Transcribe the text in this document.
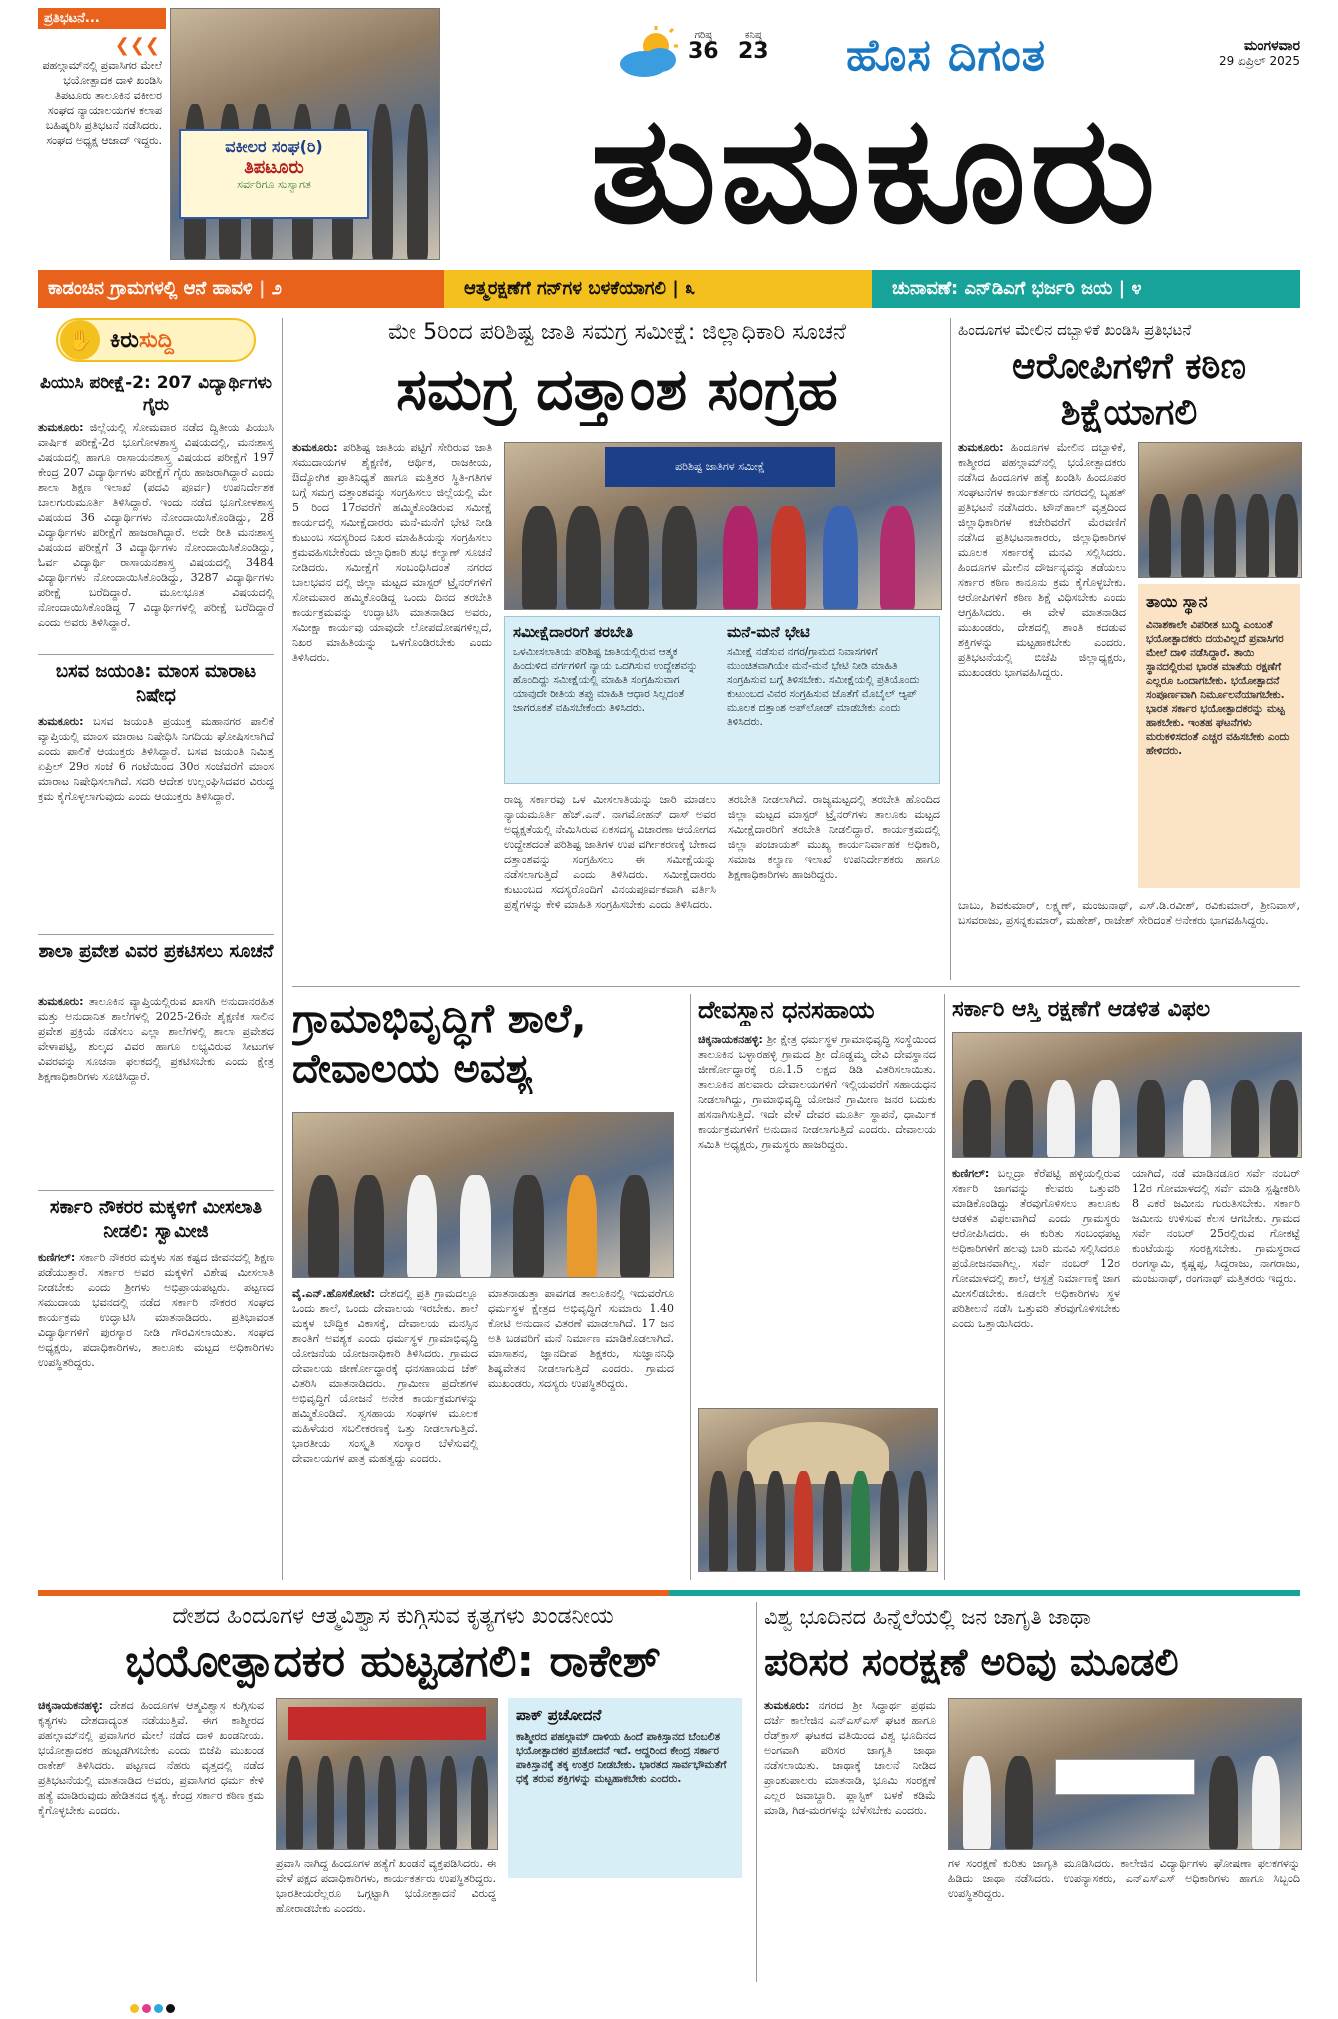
ಪ್ರತಿಭಟನೆ...
❮❮❮
ಪಹಲ್ಗಾಮ್‌ನಲ್ಲಿ ಪ್ರವಾಸಿಗರ ಮೇಲೆ ಭಯೋತ್ಪಾದಕ ದಾಳಿ ಖಂಡಿಸಿ ತಿಪಟೂರು ತಾಲೂಕಿನ ವಕೀಲರ ಸಂಘದ ನ್ಯಾಯಾಲಯಗಳ ಕಲಾಪ ಬಹಿಷ್ಕರಿಸಿ ಪ್ರತಿಭಟನೆ ನಡೆಸಿದರು. ಸಂಘದ ಅಧ್ಯಕ್ಷ ಆಜಾದ್ ಇದ್ದರು.	ವಕೀಲರ ಸಂಘ(ರಿ)
ತಿಪಟೂರು
ಸರ್ವರಿಗೂ ಸುಸ್ವಾಗತ
ಗರಿಷ್ಠ
36
ಕನಿಷ್ಠ
23 ಹೊಸ ದಿಗಂತ	ಮಂಗಳವಾರ
29 ಏಪ್ರಿಲ್ 2025
ತುಮಕೂರು
ಕಾಡಂಚಿನ ಗ್ರಾಮಗಳಲ್ಲಿ ಆನೆ ಹಾವಳಿ | ೨	ಆತ್ಮರಕ್ಷಣೆಗೆ ಗನ್‌ಗಳ ಬಳಕೆಯಾಗಲಿ | ೩	ಚುನಾವಣೆ: ಎನ್‌ಡಿಎಗೆ ಭರ್ಜರಿ ಜಯ | ೪
✋ ಕಿರು ಸುದ್ದಿ
ಪಿಯುಸಿ ಪರೀಕ್ಷೆ-2: 207 ವಿದ್ಯಾರ್ಥಿಗಳು ಗೈರು
ತುಮಕೂರು: ಜಿಲ್ಲೆಯಲ್ಲಿ ಸೋಮವಾರ ನಡೆದ ದ್ವಿತೀಯ ಪಿಯುಸಿ ವಾರ್ಷಿಕ ಪರೀಕ್ಷೆ-2ರ ಭೂಗೋಳಶಾಸ್ತ್ರ ವಿಷಯದಲ್ಲಿ, ಮನಃಶಾಸ್ತ್ರ ವಿಷಯದಲ್ಲಿ ಹಾಗೂ ರಾಸಾಯನಶಾಸ್ತ್ರ ವಿಷಯದ ಪರೀಕ್ಷೆಗೆ 197 ಕೇಂದ್ರ 207 ವಿದ್ಯಾರ್ಥಿಗಳು ಪರೀಕ್ಷೆಗೆ ಗೈರು ಹಾಜರಾಗಿದ್ದಾರೆ ಎಂದು ಶಾಲಾ ಶಿಕ್ಷಣ ಇಲಾಖೆ (ಪದವಿ ಪೂರ್ವ) ಉಪನಿರ್ದೇಶಕ ಬಾಲಗುರುಮೂರ್ತಿ ತಿಳಿಸಿದ್ದಾರೆ. ಇಂದು ನಡೆದ ಭೂಗೋಳಶಾಸ್ತ್ರ ವಿಷಯದ 36 ವಿದ್ಯಾರ್ಥಿಗಳು ನೋಂದಾಯಿಸಿಕೊಂಡಿದ್ದು, 28 ವಿದ್ಯಾರ್ಥಿಗಳು ಪರೀಕ್ಷೆಗೆ ಹಾಜರಾಗಿದ್ದಾರೆ. ಅದೇ ರೀತಿ ಮನಃಶಾಸ್ತ್ರ ವಿಷಯದ ಪರೀಕ್ಷೆಗೆ 3 ವಿದ್ಯಾರ್ಥಿಗಳು ನೋಂದಾಯಿಸಿಕೊಂಡಿದ್ದು, ಓರ್ವ ವಿದ್ಯಾರ್ಥಿ ರಾಸಾಯನಶಾಸ್ತ್ರ ವಿಷಯದಲ್ಲಿ 3484 ವಿದ್ಯಾರ್ಥಿಗಳು ನೋಂದಾಯಿಸಿಕೊಂಡಿದ್ದು, 3287 ವಿದ್ಯಾರ್ಥಿಗಳು ಪರೀಕ್ಷೆ ಬರೆದಿದ್ದಾರೆ. ಮೂಲಭೂತ ವಿಷಯದಲ್ಲಿ ನೋಂದಾಯಿಸಿಕೊಂಡಿದ್ದ 7 ವಿದ್ಯಾರ್ಥಿಗಳಲ್ಲಿ ಪರೀಕ್ಷೆ ಬರೆದಿದ್ದಾರೆ ಎಂದು ಅವರು ತಿಳಿಸಿದ್ದಾರೆ.
ಬಸವ ಜಯಂತಿ: ಮಾಂಸ ಮಾರಾಟ ನಿಷೇಧ
ತುಮಕೂರು: ಬಸವ ಜಯಂತಿ ಪ್ರಯುಕ್ತ ಮಹಾನಗರ ಪಾಲಿಕೆ ವ್ಯಾಪ್ತಿಯಲ್ಲಿ ಮಾಂಸ ಮಾರಾಟ ನಿಷೇಧಿಸಿ ನಿಗದಿಯ ಘೋಷಿಸಲಾಗಿದೆ ಎಂದು ಪಾಲಿಕೆ ಆಯುಕ್ತರು ತಿಳಿಸಿದ್ದಾರೆ. ಬಸವ ಜಯಂತಿ ನಿಮಿತ್ತ ಏಪ್ರಿಲ್ 29ರ ಸಂಜೆ 6 ಗಂಟೆಯಿಂದ 30ರ ಸಂಜೆವರೆಗೆ ಮಾಂಸ ಮಾರಾಟ ನಿಷೇಧಿಸಲಾಗಿದೆ. ಸದರಿ ಆದೇಶ ಉಲ್ಲಂಘಿಸಿದವರ ವಿರುದ್ಧ ಕ್ರಮ ಕೈಗೊಳ್ಳಲಾಗುವುದು ಎಂದು ಆಯುಕ್ತರು ತಿಳಿಸಿದ್ದಾರೆ.
ಶಾಲಾ ಪ್ರವೇಶ ವಿವರ ಪ್ರಕಟಿಸಲು ಸೂಚನೆ
ತುಮಕೂರು: ತಾಲೂಕಿನ ವ್ಯಾಪ್ತಿಯಲ್ಲಿರುವ ಖಾಸಗಿ ಅನುದಾನರಹಿತ ಮತ್ತು ಅನುದಾನಿತ ಶಾಲೆಗಳಲ್ಲಿ 2025-26ನೇ ಶೈಕ್ಷಣಿಕ ಸಾಲಿನ ಪ್ರವೇಶ ಪ್ರಕ್ರಿಯೆ ನಡೆಸಲು ಎಲ್ಲಾ ಶಾಲೆಗಳಲ್ಲಿ ಶಾಲಾ ಪ್ರವೇಶದ ವೇಳಾಪಟ್ಟಿ, ಶುಲ್ಕದ ವಿವರ ಹಾಗೂ ಲಭ್ಯವಿರುವ ಸೀಟುಗಳ ವಿವರವನ್ನು ಸೂಚನಾ ಫಲಕದಲ್ಲಿ ಪ್ರಕಟಿಸಬೇಕು ಎಂದು ಕ್ಷೇತ್ರ ಶಿಕ್ಷಣಾಧಿಕಾರಿಗಳು ಸೂಚಿಸಿದ್ದಾರೆ.
ಸರ್ಕಾರಿ ನೌಕರರ ಮಕ್ಕಳಿಗೆ ಮೀಸಲಾತಿ ನೀಡಲಿ: ಸ್ವಾಮೀಜಿ
ಕುಣಿಗಲ್: ಸರ್ಕಾರಿ ನೌಕರರ ಮಕ್ಕಳು ಸಹ ಕಷ್ಟದ ಜೀವನದಲ್ಲಿ ಶಿಕ್ಷಣ ಪಡೆಯುತ್ತಾರೆ. ಸರ್ಕಾರ ಅವರ ಮಕ್ಕಳಿಗೆ ವಿಶೇಷ ಮೀಸಲಾತಿ ನೀಡಬೇಕು ಎಂದು ಶ್ರೀಗಳು ಅಭಿಪ್ರಾಯಪಟ್ಟರು. ಪಟ್ಟಣದ ಸಮುದಾಯ ಭವನದಲ್ಲಿ ನಡೆದ ಸರ್ಕಾರಿ ನೌಕರರ ಸಂಘದ ಕಾರ್ಯಕ್ರಮ ಉದ್ಘಾಟಿಸಿ ಮಾತನಾಡಿದರು. ಪ್ರತಿಭಾವಂತ ವಿದ್ಯಾರ್ಥಿಗಳಿಗೆ ಪುರಸ್ಕಾರ ನೀಡಿ ಗೌರವಿಸಲಾಯಿತು. ಸಂಘದ ಅಧ್ಯಕ್ಷರು, ಪದಾಧಿಕಾರಿಗಳು, ತಾಲೂಕು ಮಟ್ಟದ ಅಧಿಕಾರಿಗಳು ಉಪಸ್ಥಿತರಿದ್ದರು.
ಮೇ 5ರಿಂದ ಪರಿಶಿಷ್ಟ ಜಾತಿ ಸಮಗ್ರ ಸಮೀಕ್ಷೆ: ಜಿಲ್ಲಾಧಿಕಾರಿ ಸೂಚನೆ
ಸಮಗ್ರ ದತ್ತಾಂಶ ಸಂಗ್ರಹ
ತುಮಕೂರು: ಪರಿಶಿಷ್ಟ ಜಾತಿಯ ಪಟ್ಟಿಗೆ ಸೇರಿರುವ ಜಾತಿ ಸಮುದಾಯಗಳ ಶೈಕ್ಷಣಿಕ, ಆರ್ಥಿಕ, ರಾಜಕೀಯ, ಔದ್ಯೋಗಿಕ ಪ್ರಾತಿನಿಧ್ಯತೆ ಹಾಗೂ ಮತ್ತಿತರ ಸ್ಥಿತಿ-ಗತಿಗಳ ಬಗ್ಗೆ ಸಮಗ್ರ ದತ್ತಾಂಶವನ್ನು ಸಂಗ್ರಹಿಸಲು ಜಿಲ್ಲೆಯಲ್ಲಿ ಮೇ 5 ರಿಂದ 17ರವರೆಗೆ ಹಮ್ಮಿಕೊಂಡಿರುವ ಸಮೀಕ್ಷೆ ಕಾರ್ಯದಲ್ಲಿ ಸಮೀಕ್ಷೆದಾರರು ಮನೆ-ಮನೆಗೆ ಭೇಟಿ ನೀಡಿ ಕುಟುಂಬ ಸದಸ್ಯರಿಂದ ನಿಖರ ಮಾಹಿತಿಯನ್ನು ಸಂಗ್ರಹಿಸಲು ಕ್ರಮವಹಿಸಬೇಕೆಂದು ಜಿಲ್ಲಾಧಿಕಾರಿ ಶುಭ ಕಲ್ಯಾಣ್ ಸೂಚನೆ ನೀಡಿದರು. ಸಮೀಕ್ಷೆಗೆ ಸಂಬಂಧಿಸಿದಂತೆ ನಗರದ ಬಾಲಭವನ ದಲ್ಲಿ ಜಿಲ್ಲಾ ಮಟ್ಟದ ಮಾಸ್ಟರ್ ಟ್ರೈನರ್‌ಗಳಿಗೆ ಸೋಮವಾರ ಹಮ್ಮಿಕೊಂಡಿದ್ದ ಒಂದು ದಿನದ ತರಬೇತಿ ಕಾರ್ಯಕ್ರಮವನ್ನು ಉದ್ಘಾಟಿಸಿ ಮಾತನಾಡಿದ ಅವರು, ಸಮೀಕ್ಷಾ ಕಾರ್ಯವು ಯಾವುದೇ ಲೋಪದೋಷಗಳಿಲ್ಲದೆ, ನಿಖರ ಮಾಹಿತಿಯನ್ನು ಒಳಗೊಂಡಿರಬೇಕು ಎಂದು ತಿಳಿಸಿದರು.
ಪರಿಶಿಷ್ಟ ಜಾತಿಗಳ ಸಮೀಕ್ಷೆ
ಸಮೀಕ್ಷೆದಾರರಿಗೆ ತರಬೇತಿ
ಒಳಮೀಸಲಾತಿಯ ಪರಿಶಿಷ್ಟ ಜಾತಿಯಲ್ಲಿರುವ ಆತ್ಮಕ ಹಿಂದುಳಿದ ವರ್ಗಗಳಿಗೆ ನ್ಯಾಯ ಒದಗಿಸುವ ಉದ್ದೇಶವನ್ನು ಹೊಂದಿದ್ದು ಸಮೀಕ್ಷೆಯಲ್ಲಿ ಮಾಹಿತಿ ಸಂಗ್ರಹಿಸುವಾಗ ಯಾವುದೇ ರೀತಿಯ ತಪ್ಪು ಮಾಹಿತಿ ಆಧಾರ ಸಿಲ್ಲದಂತೆ ಜಾಗರೂಕತೆ ವಹಿಸಬೇಕೆಂದು ತಿಳಿಸಿದರು.
ಮನೆ-ಮನೆ ಭೇಟಿ
ಸಮೀಕ್ಷೆ ನಡೆಸುವ ನಗರ/ಗ್ರಾಮದ ನಿವಾಸಗಳಿಗೆ ಮುಂಚಿತವಾಗಿಯೇ ಮನೆ-ಮನೆ ಭೇಟಿ ನೀಡಿ ಮಾಹಿತಿ ಸಂಗ್ರಹಿಸುವ ಬಗ್ಗೆ ತಿಳಿಸಬೇಕು. ಸಮೀಕ್ಷೆಯಲ್ಲಿ ಪ್ರತಿಯೊಂದು ಕುಟುಂಬದ ವಿವರ ಸಂಗ್ರಹಿಸುವ ಜೊತೆಗೆ ಮೊಬೈಲ್ ಆ್ಯಪ್ ಮೂಲಕ ದತ್ತಾಂಶ ಅಪ್‌ಲೋಡ್ ಮಾಡಬೇಕು ಎಂದು ತಿಳಿಸಿದರು.
ರಾಜ್ಯ ಸರ್ಕಾರವು ಒಳ ಮೀಸಲಾತಿಯನ್ನು ಜಾರಿ ಮಾಡಲು ನ್ಯಾಯಮೂರ್ತಿ ಹೆಚ್.ಎನ್. ನಾಗಮೋಹನ್ ದಾಸ್ ಅವರ ಅಧ್ಯಕ್ಷತೆಯಲ್ಲಿ ನೇಮಿಸಿರುವ ಏಕಸದಸ್ಯ ವಿಚಾರಣಾ ಆಯೋಗದ ಉದ್ದೇಶದಂತೆ ಪರಿಶಿಷ್ಟ ಜಾತಿಗಳ ಉಪ ವರ್ಗೀಕರಣಕ್ಕೆ ಬೇಕಾದ ದತ್ತಾಂಶವನ್ನು ಸಂಗ್ರಹಿಸಲು ಈ ಸಮೀಕ್ಷೆಯನ್ನು ನಡೆಸಲಾಗುತ್ತಿದೆ ಎಂದು ತಿಳಿಸಿದರು. ಸಮೀಕ್ಷೆದಾರರು ಕುಟುಂಬದ ಸದಸ್ಯರೊಂದಿಗೆ ವಿನಯಪೂರ್ವಕವಾಗಿ ವರ್ತಿಸಿ ಪ್ರಶ್ನೆಗಳನ್ನು ಕೇಳಿ ಮಾಹಿತಿ ಸಂಗ್ರಹಿಸಬೇಕು ಎಂದು ತಿಳಿಸಿದರು.
ತರಬೇತಿ ನೀಡಲಾಗಿದೆ. ರಾಜ್ಯಮಟ್ಟದಲ್ಲಿ ತರಬೇತಿ ಹೊಂದಿದ ಜಿಲ್ಲಾ ಮಟ್ಟದ ಮಾಸ್ಟರ್ ಟ್ರೈನರ್‌ಗಳು ತಾಲೂಕು ಮಟ್ಟದ ಸಮೀಕ್ಷೆದಾರರಿಗೆ ತರಬೇತಿ ನೀಡಲಿದ್ದಾರೆ. ಕಾರ್ಯಕ್ರಮದಲ್ಲಿ ಜಿಲ್ಲಾ ಪಂಚಾಯತ್ ಮುಖ್ಯ ಕಾರ್ಯನಿರ್ವಾಹಕ ಅಧಿಕಾರಿ, ಸಮಾಜ ಕಲ್ಯಾಣ ಇಲಾಖೆ ಉಪನಿರ್ದೇಶಕರು ಹಾಗೂ ಶಿಕ್ಷಣಾಧಿಕಾರಿಗಳು ಹಾಜರಿದ್ದರು.
ಹಿಂದೂಗಳ ಮೇಲಿನ ದಬ್ಬಾಳಿಕೆ ಖಂಡಿಸಿ ಪ್ರತಿಭಟನೆ
ಆರೋಪಿಗಳಿಗೆ ಕಠಿಣ ಶಿಕ್ಷೆಯಾಗಲಿ
ತುಮಕೂರು: ಹಿಂದೂಗಳ ಮೇಲಿನ ದಬ್ಬಾಳಿಕೆ, ಕಾಶ್ಮೀರದ ಪಹಲ್ಗಾಮ್‌ನಲ್ಲಿ ಭಯೋತ್ಪಾದಕರು ನಡೆಸಿದ ಹಿಂದೂಗಳ ಹತ್ಯೆ ಖಂಡಿಸಿ ಹಿಂದೂಪರ ಸಂಘಟನೆಗಳ ಕಾರ್ಯಕರ್ತರು ನಗರದಲ್ಲಿ ಬೃಹತ್ ಪ್ರತಿಭಟನೆ ನಡೆಸಿದರು. ಟೌನ್‌ಹಾಲ್ ವೃತ್ತದಿಂದ ಜಿಲ್ಲಾಧಿಕಾರಿಗಳ ಕಚೇರಿವರೆಗೆ ಮೆರವಣಿಗೆ ನಡೆಸಿದ ಪ್ರತಿಭಟನಾಕಾರರು, ಜಿಲ್ಲಾಧಿಕಾರಿಗಳ ಮೂಲಕ ಸರ್ಕಾರಕ್ಕೆ ಮನವಿ ಸಲ್ಲಿಸಿದರು. ಹಿಂದೂಗಳ ಮೇಲಿನ ದೌರ್ಜನ್ಯವನ್ನು ತಡೆಯಲು ಸರ್ಕಾರ ಕಠಿಣ ಕಾನೂನು ಕ್ರಮ ಕೈಗೊಳ್ಳಬೇಕು. ಆರೋಪಿಗಳಿಗೆ ಕಠಿಣ ಶಿಕ್ಷೆ ವಿಧಿಸಬೇಕು ಎಂದು ಆಗ್ರಹಿಸಿದರು. ಈ ವೇಳೆ ಮಾತನಾಡಿದ ಮುಖಂಡರು, ದೇಶದಲ್ಲಿ ಶಾಂತಿ ಕದಡುವ ಶಕ್ತಿಗಳನ್ನು ಮಟ್ಟಹಾಕಬೇಕು ಎಂದರು. ಪ್ರತಿಭಟನೆಯಲ್ಲಿ ಬಿಜೆಪಿ ಜಿಲ್ಲಾಧ್ಯಕ್ಷರು, ಮುಖಂಡರು ಭಾಗವಹಿಸಿದ್ದರು.
ತಾಯಿ ಸ್ಥಾನ
ವಿನಾಶಕಾಲೇ ವಿಪರೀತ ಬುದ್ಧಿ ಎಂಬಂತೆ ಭಯೋತ್ಪಾದಕರು ದಯವಿಲ್ಲದೆ ಪ್ರವಾಸಿಗರ ಮೇಲೆ ದಾಳಿ ನಡೆಸಿದ್ದಾರೆ. ತಾಯಿ ಸ್ಥಾನದಲ್ಲಿರುವ ಭಾರತ ಮಾತೆಯ ರಕ್ಷಣೆಗೆ ಎಲ್ಲರೂ ಒಂದಾಗಬೇಕು. ಭಯೋತ್ಪಾದನೆ ಸಂಪೂರ್ಣವಾಗಿ ನಿರ್ಮೂಲನೆಯಾಗಬೇಕು. ಭಾರತ ಸರ್ಕಾರ ಭಯೋತ್ಪಾದಕರನ್ನು ಮಟ್ಟ ಹಾಕಬೇಕು. ಇಂತಹ ಘಟನೆಗಳು ಮರುಕಳಿಸದಂತೆ ಎಚ್ಚರ ವಹಿಸಬೇಕು ಎಂದು ಹೇಳಿದರು.
ಬಾಬು, ಶಿವಕುಮಾರ್, ಲಕ್ಷ್ಮಣ್, ಮಂಜುನಾಥ್, ಎಸ್.ಡಿ.ರವೀಶ್, ರವಿಕುಮಾರ್, ಶ್ರೀನಿವಾಸ್, ಬಸವರಾಜು, ಪ್ರಸನ್ನಕುಮಾರ್, ಮಹೇಶ್, ರಾಜೇಶ್ ಸೇರಿದಂತೆ ಅನೇಕರು ಭಾಗವಹಿಸಿದ್ದರು.
ಗ್ರಾಮಾಭಿವೃದ್ಧಿಗೆ ಶಾಲೆ, ದೇವಾಲಯ ಅವಶ್ಯ
ವೈ.ಎನ್.ಹೊಸಕೋಟೆ: ದೇಶದಲ್ಲಿ ಪ್ರತಿ ಗ್ರಾಮದಲ್ಲೂ ಒಂದು ಶಾಲೆ, ಒಂದು ದೇವಾಲಯ ಇರಬೇಕು. ಶಾಲೆ ಮಕ್ಕಳ ಬೌದ್ಧಿಕ ವಿಕಾಸಕ್ಕೆ, ದೇವಾಲಯ ಮನಸ್ಸಿನ ಶಾಂತಿಗೆ ಅವಶ್ಯಕ ಎಂದು ಧರ್ಮಸ್ಥಳ ಗ್ರಾಮಾಭಿವೃದ್ಧಿ ಯೋಜನೆಯ ಯೋಜನಾಧಿಕಾರಿ ತಿಳಿಸಿದರು. ಗ್ರಾಮದ ದೇವಾಲಯ ಜೀರ್ಣೋದ್ಧಾರಕ್ಕೆ ಧನಸಹಾಯದ ಚೆಕ್ ವಿತರಿಸಿ ಮಾತನಾಡಿದರು. ಗ್ರಾಮೀಣ ಪ್ರದೇಶಗಳ ಅಭಿವೃದ್ಧಿಗೆ ಯೋಜನೆ ಅನೇಕ ಕಾರ್ಯಕ್ರಮಗಳನ್ನು ಹಮ್ಮಿಕೊಂಡಿದೆ. ಸ್ವಸಹಾಯ ಸಂಘಗಳ ಮೂಲಕ ಮಹಿಳೆಯರ ಸಬಲೀಕರಣಕ್ಕೆ ಒತ್ತು ನೀಡಲಾಗುತ್ತಿದೆ. ಭಾರತೀಯ ಸಂಸ್ಕೃತಿ ಸಂಸ್ಕಾರ ಬೆಳೆಸುವಲ್ಲಿ ದೇವಾಲಯಗಳ ಪಾತ್ರ ಮಹತ್ವದ್ದು ಎಂದರು.
ಮಾತನಾಡುತ್ತಾ ಪಾವಗಡ ತಾಲೂಕಿನಲ್ಲಿ ಇದುವರೆಗೂ ಧರ್ಮಸ್ಥಳ ಕ್ಷೇತ್ರದ ಅಭಿವೃದ್ಧಿಗೆ ಸುಮಾರು 1.40 ಕೋಟಿ ಅನುದಾನ ವಿತರಣೆ ಮಾಡಲಾಗಿದೆ. 17 ಜನ ಅತಿ ಬಡವರಿಗೆ ಮನೆ ನಿರ್ಮಾಣ ಮಾಡಿಕೊಡಲಾಗಿದೆ. ಮಾಸಾಶನ, ಜ್ಞಾನದೀಪ ಶಿಕ್ಷಕರು, ಸುಜ್ಞಾನನಿಧಿ ಶಿಷ್ಯವೇತನ ನೀಡಲಾಗುತ್ತಿದೆ ಎಂದರು. ಗ್ರಾಮದ ಮುಖಂಡರು, ಸದಸ್ಯರು ಉಪಸ್ಥಿತರಿದ್ದರು.
ದೇವಸ್ಥಾನ ಧನಸಹಾಯ
ಚಿಕ್ಕನಾಯಕನಹಳ್ಳಿ: ಶ್ರೀ ಕ್ಷೇತ್ರ ಧರ್ಮಸ್ಥಳ ಗ್ರಾಮಾಭಿವೃದ್ಧಿ ಸಂಸ್ಥೆಯಿಂದ ತಾಲೂಕಿನ ಬಳ್ಳಾರಹಳ್ಳಿ ಗ್ರಾಮದ ಶ್ರೀ ದೊಡ್ಡಮ್ಮ ದೇವಿ ದೇವಸ್ಥಾನದ ಜೀರ್ಣೋದ್ಧಾರಕ್ಕೆ ರೂ.1.5 ಲಕ್ಷದ ಡಿಡಿ ವಿತರಿಸಲಾಯಿತು. ತಾಲೂಕಿನ ಹಲವಾರು ದೇವಾಲಯಗಳಿಗೆ ಇಲ್ಲಿಯವರೆಗೆ ಸಹಾಯಧನ ನೀಡಲಾಗಿದ್ದು, ಗ್ರಾಮಾಭಿವೃದ್ಧಿ ಯೋಜನೆ ಗ್ರಾಮೀಣ ಜನರ ಬದುಕು ಹಸನಾಗಿಸುತ್ತಿದೆ. ಇದೇ ವೇಳೆ ದೇವರ ಮೂರ್ತಿ ಸ್ಥಾಪನೆ, ಧಾರ್ಮಿಕ ಕಾರ್ಯಕ್ರಮಗಳಿಗೆ ಅನುದಾನ ನೀಡಲಾಗುತ್ತಿದೆ ಎಂದರು. ದೇವಾಲಯ ಸಮಿತಿ ಅಧ್ಯಕ್ಷರು, ಗ್ರಾಮಸ್ಥರು ಹಾಜರಿದ್ದರು.
ಸರ್ಕಾರಿ ಆಸ್ತಿ ರಕ್ಷಣೆಗೆ ಆಡಳಿತ ವಿಫಲ
ಕುಣಿಗಲ್: ಬಲ್ಲದ್ರಾ ಕೆರೆಪಟ್ಟಿ ಹಳ್ಳಿಯಲ್ಲಿರುವ ಸರ್ಕಾರಿ ಜಾಗವನ್ನು ಕೆಲವರು ಒತ್ತುವರಿ ಮಾಡಿಕೊಂಡಿದ್ದು ತೆರವುಗೊಳಿಸಲು ತಾಲೂಕು ಆಡಳಿತ ವಿಫಲವಾಗಿದೆ ಎಂದು ಗ್ರಾಮಸ್ಥರು ಆರೋಪಿಸಿದರು. ಈ ಕುರಿತು ಸಂಬಂಧಪಟ್ಟ ಅಧಿಕಾರಿಗಳಿಗೆ ಹಲವು ಬಾರಿ ಮನವಿ ಸಲ್ಲಿಸಿದರೂ ಪ್ರಯೋಜನವಾಗಿಲ್ಲ. ಸರ್ವೆ ನಂಬರ್ 12ರ ಗೋಮಾಳದಲ್ಲಿ ಶಾಲೆ, ಆಸ್ಪತ್ರೆ ನಿರ್ಮಾಣಕ್ಕೆ ಜಾಗ ಮೀಸಲಿಡಬೇಕು. ಕೂಡಲೇ ಅಧಿಕಾರಿಗಳು ಸ್ಥಳ ಪರಿಶೀಲನೆ ನಡೆಸಿ ಒತ್ತುವರಿ ತೆರವುಗೊಳಿಸಬೇಕು ಎಂದು ಒತ್ತಾಯಿಸಿದರು.
ಯಾಗಿದೆ, ನಡೆ ಮಾಡಿನಡೂರ ಸರ್ವೆ ನಂಬರ್ 12ರ ಗೋಮಾಳದಲ್ಲಿ ಸರ್ವೆ ಮಾಡಿ ಸ್ಪಷ್ಟೀಕರಿಸಿ 8 ಎಕರೆ ಜಮೀನು ಗುರುತಿಸಬೇಕು. ಸರ್ಕಾರಿ ಜಮೀನು ಉಳಿಸುವ ಕೆಲಸ ಆಗಬೇಕು. ಗ್ರಾಮದ ಸರ್ವೆ ನಂಬರ್ 25ರಲ್ಲಿರುವ ಗೋಕಟ್ಟೆ ಕುಂಟೆಯನ್ನು ಸಂರಕ್ಷಿಸಬೇಕು. ಗ್ರಾಮಸ್ಥರಾದ ರಂಗಸ್ವಾಮಿ, ಕೃಷ್ಣಪ್ಪ, ಸಿದ್ದರಾಜು, ನಾಗರಾಜು, ಮಂಜುನಾಥ್, ರಂಗನಾಥ್ ಮತ್ತಿತರರು ಇದ್ದರು.
ದೇಶದ ಹಿಂದೂಗಳ ಆತ್ಮವಿಶ್ವಾಸ ಕುಗ್ಗಿಸುವ ಕೃತ್ಯಗಳು ಖಂಡನೀಯ
ಭಯೋತ್ಪಾದಕರ ಹುಟ್ಟಡಗಲಿ: ರಾಕೇಶ್
ಚಿಕ್ಕನಾಯಕನಹಳ್ಳಿ: ದೇಶದ ಹಿಂದೂಗಳ ಆತ್ಮವಿಶ್ವಾಸ ಕುಗ್ಗಿಸುವ ಕೃತ್ಯಗಳು ದೇಶದಾದ್ಯಂತ ನಡೆಯುತ್ತಿವೆ. ಈಗ ಕಾಶ್ಮೀರದ ಪಹಲ್ಗಾಮ್‌ನಲ್ಲಿ ಪ್ರವಾಸಿಗರ ಮೇಲೆ ನಡೆದ ದಾಳಿ ಖಂಡನೀಯ. ಭಯೋತ್ಪಾದಕರ ಹುಟ್ಟಡಗಿಸಬೇಕು ಎಂದು ಬಿಜೆಪಿ ಮುಖಂಡ ರಾಕೇಶ್ ತಿಳಿಸಿದರು. ಪಟ್ಟಣದ ನೆಹರು ವೃತ್ತದಲ್ಲಿ ನಡೆದ ಪ್ರತಿಭಟನೆಯಲ್ಲಿ ಮಾತನಾಡಿದ ಅವರು, ಪ್ರವಾಸಿಗರ ಧರ್ಮ ಕೇಳಿ ಹತ್ಯೆ ಮಾಡಿರುವುದು ಹೇಡಿತನದ ಕೃತ್ಯ. ಕೇಂದ್ರ ಸರ್ಕಾರ ಕಠಿಣ ಕ್ರಮ ಕೈಗೊಳ್ಳಬೇಕು ಎಂದರು.
ಪ್ರವಾಸಿ ನಾಗಿದ್ದ ಹಿಂದೂಗಳ ಹತ್ಯೆಗೆ ಖಂಡನೆ ವ್ಯಕ್ತಪಡಿಸಿದರು. ಈ ವೇಳೆ ಪಕ್ಷದ ಪದಾಧಿಕಾರಿಗಳು, ಕಾರ್ಯಕರ್ತರು ಉಪಸ್ಥಿತರಿದ್ದರು. ಭಾರತೀಯರೆಲ್ಲರೂ ಒಗ್ಗಟ್ಟಾಗಿ ಭಯೋತ್ಪಾದನೆ ವಿರುದ್ಧ ಹೋರಾಡಬೇಕು ಎಂದರು.
ಪಾಕ್ ಪ್ರಚೋದನೆ
ಕಾಶ್ಮೀರದ ಪಹಲ್ಗಾಮ್ ದಾಳಿಯ ಹಿಂದೆ ಪಾಕಿಸ್ತಾನದ ಬೆಂಬಲಿತ ಭಯೋತ್ಪಾದಕರ ಪ್ರಚೋದನೆ ಇದೆ. ಆದ್ದರಿಂದ ಕೇಂದ್ರ ಸರ್ಕಾರ ಪಾಕಿಸ್ತಾನಕ್ಕೆ ತಕ್ಕ ಉತ್ತರ ನೀಡಬೇಕು. ಭಾರತದ ಸಾರ್ವಭೌಮತೆಗೆ ಧಕ್ಕೆ ತರುವ ಶಕ್ತಿಗಳನ್ನು ಮಟ್ಟಹಾಕಬೇಕು ಎಂದರು.
ವಿಶ್ವ ಭೂದಿನದ ಹಿನ್ನೆಲೆಯಲ್ಲಿ ಜನ ಜಾಗೃತಿ ಜಾಥಾ
ಪರಿಸರ ಸಂರಕ್ಷಣೆ ಅರಿವು ಮೂಡಲಿ
ತುಮಕೂರು: ನಗರದ ಶ್ರೀ ಸಿದ್ಧಾರ್ಥ ಪ್ರಥಮ ದರ್ಜೆ ಕಾಲೇಜಿನ ಎನ್‌ಎಸ್‌ಎಸ್ ಘಟಕ ಹಾಗೂ ರೆಡ್‌ಕ್ರಾಸ್ ಘಟಕದ ವತಿಯಿಂದ ವಿಶ್ವ ಭೂದಿನದ ಅಂಗವಾಗಿ ಪರಿಸರ ಜಾಗೃತಿ ಜಾಥಾ ನಡೆಸಲಾಯಿತು. ಜಾಥಾಕ್ಕೆ ಚಾಲನೆ ನೀಡಿದ ಪ್ರಾಂಶುಪಾಲರು ಮಾತನಾಡಿ, ಭೂಮಿ ಸಂರಕ್ಷಣೆ ಎಲ್ಲರ ಜವಾಬ್ದಾರಿ. ಪ್ಲಾಸ್ಟಿಕ್ ಬಳಕೆ ಕಡಿಮೆ ಮಾಡಿ, ಗಿಡ-ಮರಗಳನ್ನು ಬೆಳೆಸಬೇಕು ಎಂದರು.
ಗಳ ಸಂರಕ್ಷಣೆ ಕುರಿತು ಜಾಗೃತಿ ಮೂಡಿಸಿದರು. ಕಾಲೇಜಿನ ವಿದ್ಯಾರ್ಥಿಗಳು ಘೋಷಣಾ ಫಲಕಗಳನ್ನು ಹಿಡಿದು ಜಾಥಾ ನಡೆಸಿದರು. ಉಪನ್ಯಾಸಕರು, ಎನ್‌ಎಸ್‌ಎಸ್ ಅಧಿಕಾರಿಗಳು ಹಾಗೂ ಸಿಬ್ಬಂದಿ ಉಪಸ್ಥಿತರಿದ್ದರು.
